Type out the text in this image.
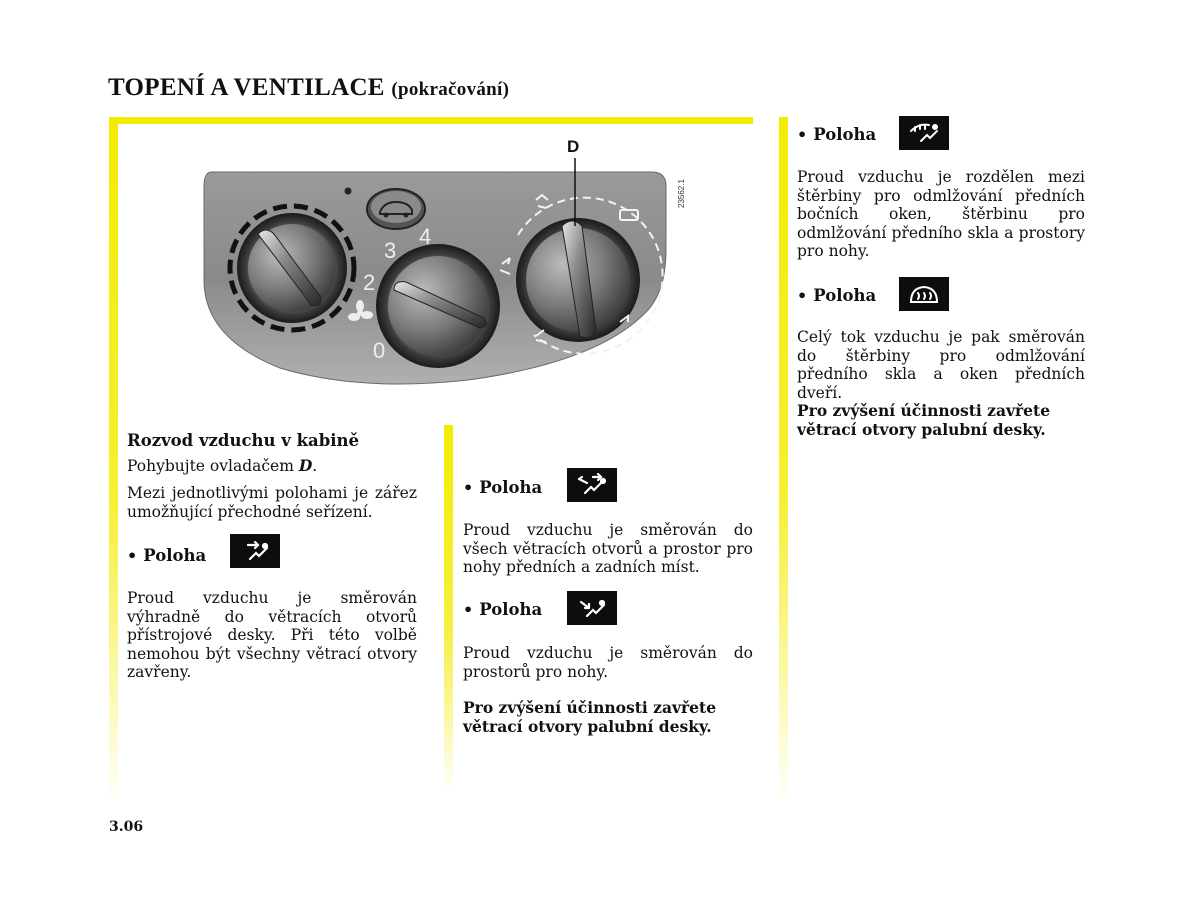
TOPENÍ A VENTILACE (pokračování)
0
2
3
4
D
23562.1
Rozvod vzduchu v kabině
Pohybujte ovladačem D.
Mezi jednotlivými polohami je zářez umožňující přechodné seřízení.
• Poloha
Proud vzduchu je směrován výhradně do větracích otvorů přístrojové desky. Při této volbě nemohou být všechny větrací otvory zavřeny.
• Poloha
Proud vzduchu je směrován do všech větracích otvorů a prostor pro nohy předních a zadních míst.
• Poloha
Proud vzduchu je směrován do prostorů pro nohy.
Pro zvýšení účinnosti zavřete větrací otvory palubní desky.
• Poloha
Proud vzduchu je rozdělen mezi štěrbiny pro odmlžování předních bočních oken, štěrbinu pro odmlžování předního skla a prostory pro nohy.
• Poloha
Celý tok vzduchu je pak směrován do štěrbiny pro odmlžování předního skla a oken předních dveří.
Pro zvýšení účinnosti zavřete větrací otvory palubní desky.
3.06
